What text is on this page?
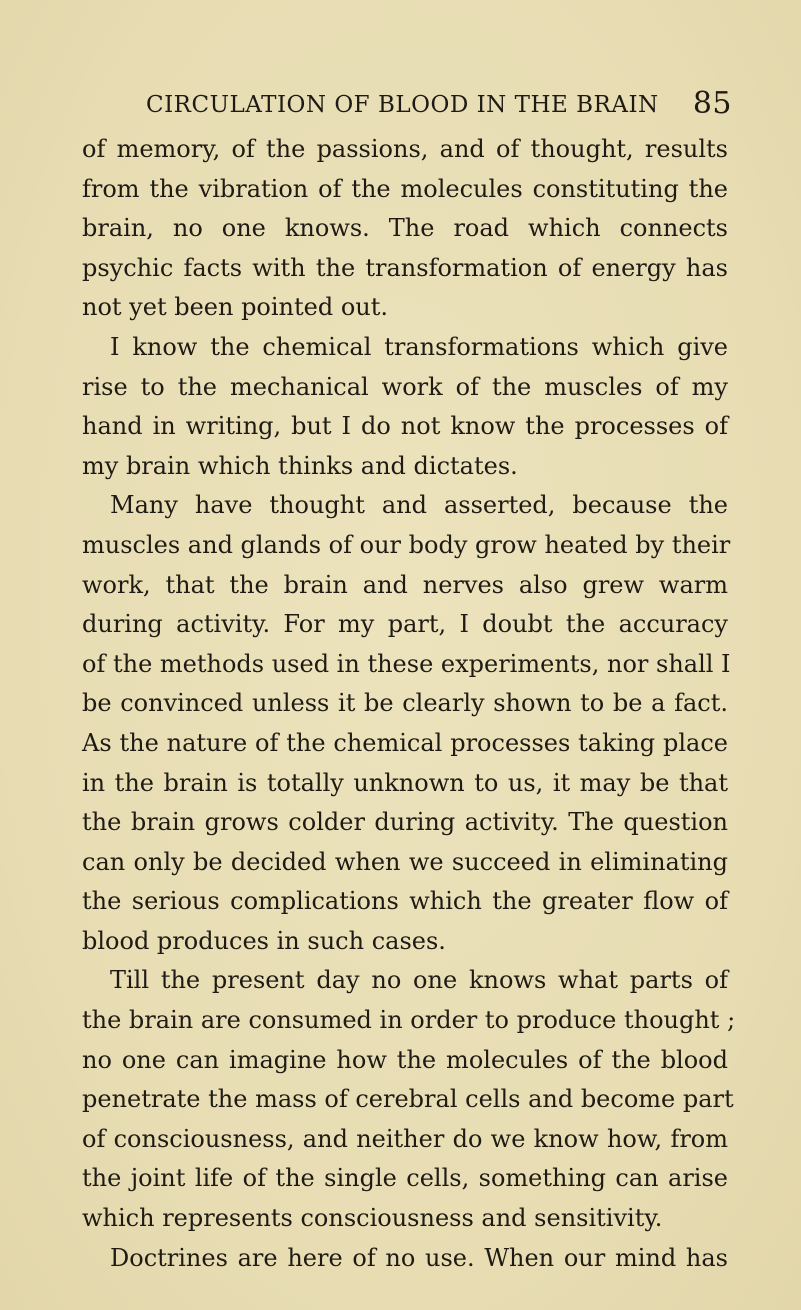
CIRCULATION OF BLOOD IN THE BRAIN 85
of memory, of the passions, and of thought, results
from the vibration of the molecules constituting the
brain, no one knows. The road which connects
psychic facts with the transformation of energy has
not yet been pointed out.
I know the chemical transformations which give
rise to the mechanical work of the muscles of my
hand in writing, but I do not know the processes of
my brain which thinks and dictates.
Many have thought and asserted, because the
muscles and glands of our body grow heated by their
work, that the brain and nerves also grew warm
during activity. For my part, I doubt the accuracy
of the methods used in these experiments, nor shall I
be convinced unless it be clearly shown to be a fact.
As the nature of the chemical processes taking place
in the brain is totally unknown to us, it may be that
the brain grows colder during activity. The question
can only be decided when we succeed in eliminating
the serious complications which the greater flow of
blood produces in such cases.
Till the present day no one knows what parts of
the brain are consumed in order to produce thought ;
no one can imagine how the molecules of the blood
penetrate the mass of cerebral cells and become part
of consciousness, and neither do we know how, from
the joint life of the single cells, something can arise
which represents consciousness and sensitivity.
Doctrines are here of no use. When our mind has
